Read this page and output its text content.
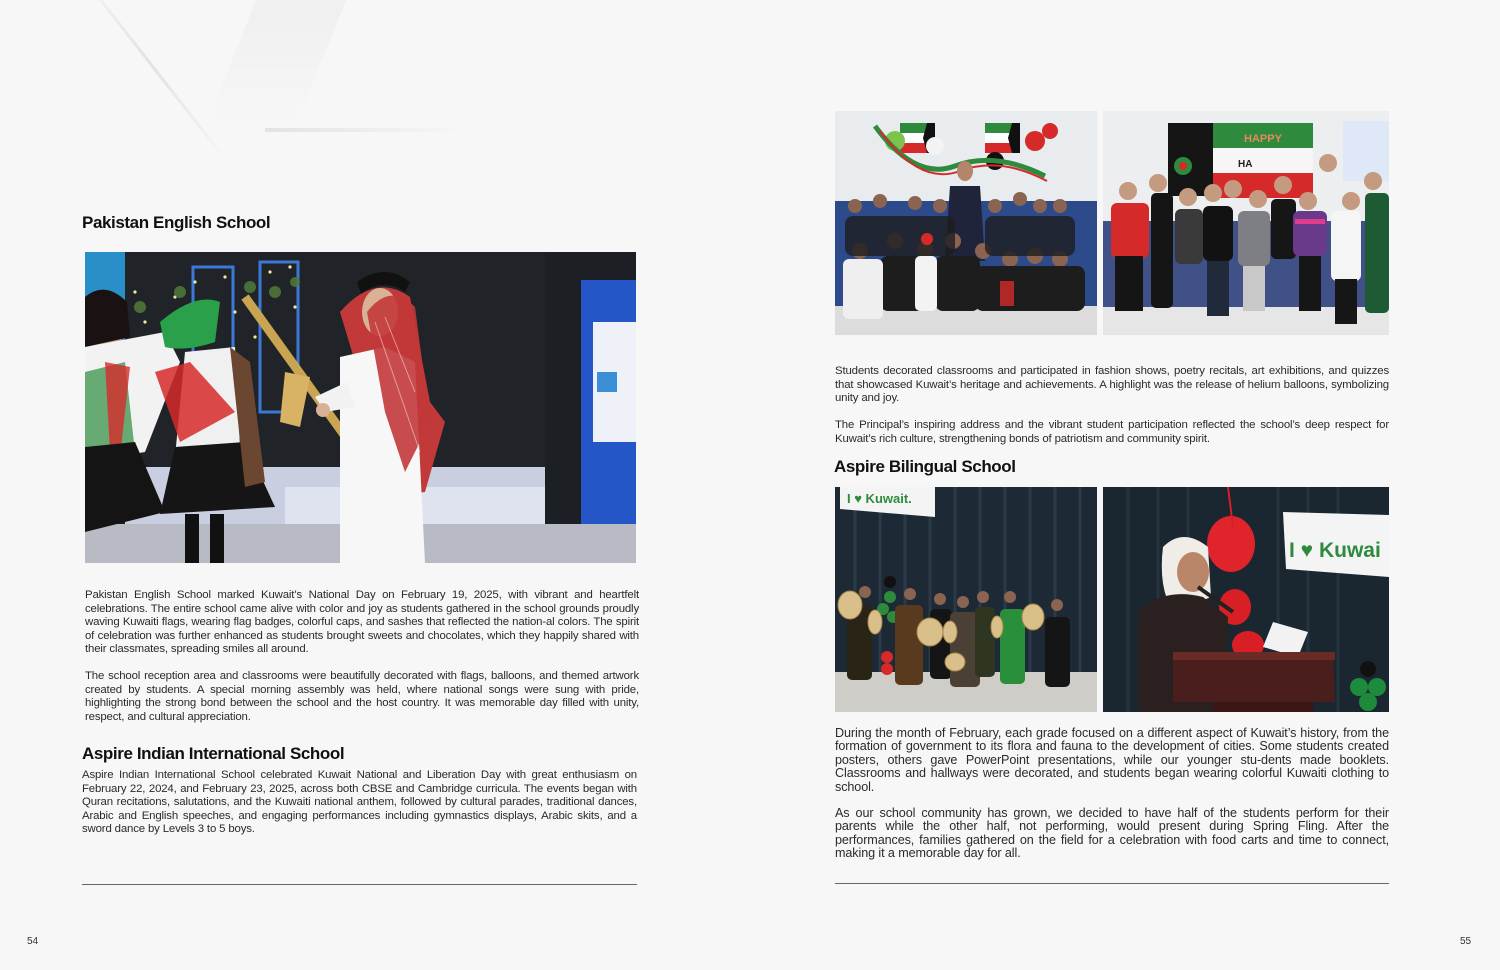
Pakistan English School

Pakistan English School marked Kuwait’s National Day on February 19, 2025, with vibrant and heartfelt celebrations. The entire school came alive with color and joy as students gathered in the school grounds proudly waving Kuwaiti flags, wearing flag badges, colorful caps, and sashes that reflected the nation-al colors. The spirit of celebration was further enhanced as students brought sweets and chocolates, which they happily shared with their classmates, spreading smiles all around.

The school reception area and classrooms were beautifully decorated with flags, balloons, and themed artwork created by students. A special morning assembly was held, where national songs were sung with pride, highlighting the strong bond between the school and the host country. It was memorable day filled with unity, respect, and cultural appreciation.

Aspire Indian International School

Aspire Indian International School celebrated Kuwait National and Liberation Day with great enthusiasm on February 22, 2024, and February 23, 2025, across both CBSE and Cambridge curricula. The events began with Quran recitations, salutations, and the Kuwaiti national anthem, followed by cultural parades, traditional dances, Arabic and English speeches, and engaging performances including gymnastics displays, Arabic skits, and a sword dance by Levels 3 to 5 boys.

54
HAPPY
HA

Students decorated classrooms and participated in fashion shows, poetry recitals, art exhibitions, and quizzes that showcased Kuwait’s heritage and achievements. A highlight was the release of helium balloons, symbolizing unity and joy.

The Principal’s inspiring address and the vibrant student participation reflected the school’s deep respect for Kuwait’s rich culture, strengthening bonds of patriotism and community spirit.

Aspire Bilingual School
I ♥ Kuwait.
I ♥ Kuwai

During the month of February, each grade focused on a different aspect of Kuwait’s history, from the formation of government to its flora and fauna to the development of cities. Some students created posters, others gave PowerPoint presentations, while our younger stu-dents made booklets. Classrooms and hallways were decorated, and students began wearing colorful Kuwaiti clothing to school.

As our school community has grown, we decided to have half of the students perform for their parents while the other half, not performing, would present during Spring Fling. After the performances, families gathered on the field for a celebration with food carts and time to connect, making it a memorable day for all.

55
